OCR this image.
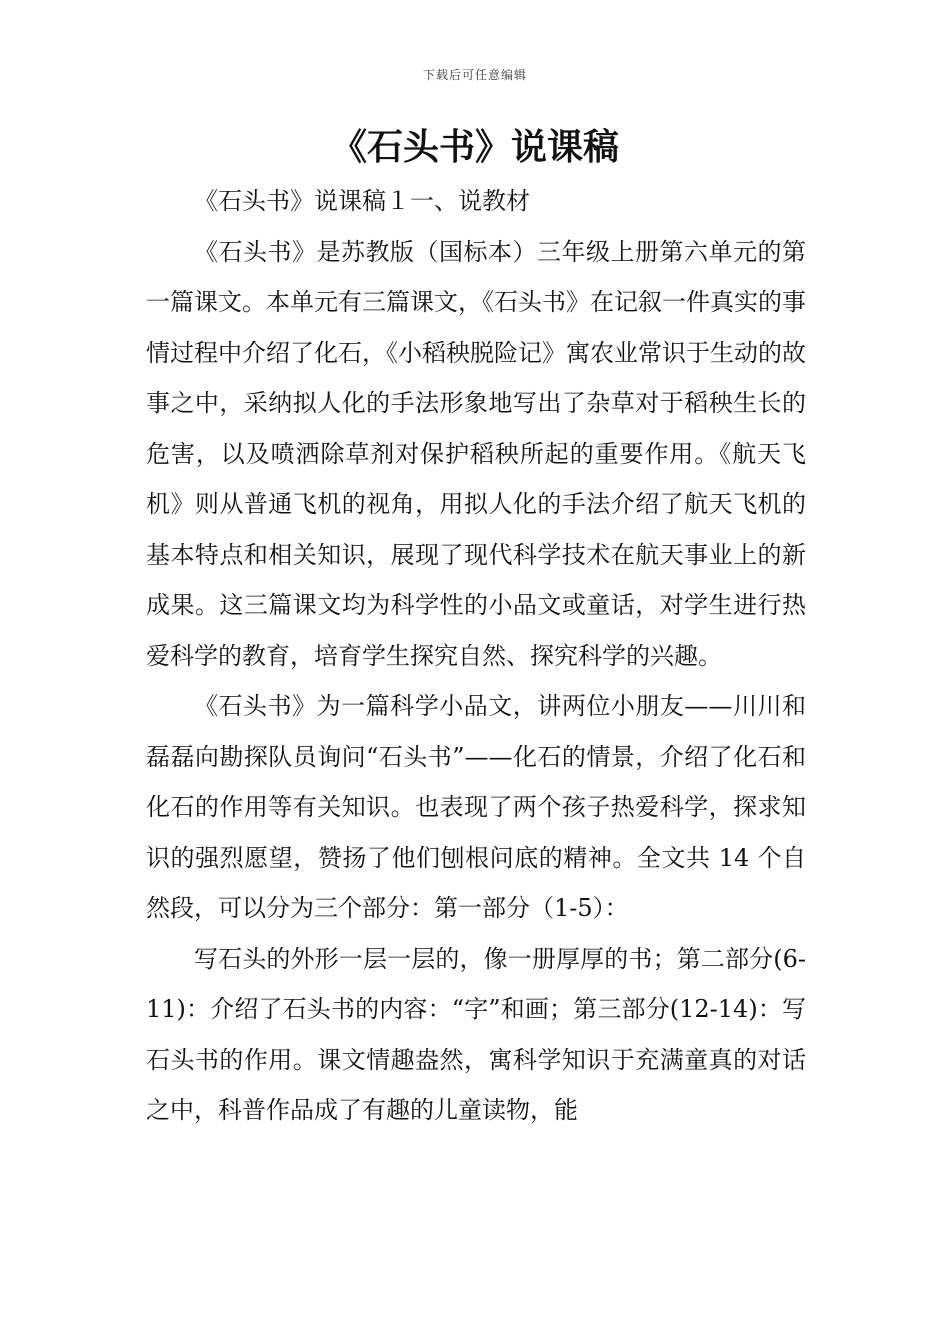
下载后可任意编辑
《石头书》说课稿

《石头书》说课稿１一、说教材

《石头书》是苏教版（国标本）三年级上册第六单元的第一篇课文。本单元有三篇课文，《石头书》在记叙一件真实的事情过程中介绍了化石，《小稻秧脱险记》寓农业常识于生动的故事之中，采纳拟人化的手法形象地写出了杂草对于稻秧生长的危害，以及喷洒除草剂对保护稻秧所起的重要作用。《航天飞机》则从普通飞机的视角，用拟人化的手法介绍了航天飞机的基本特点和相关知识，展现了现代科学技术在航天事业上的新成果。这三篇课文均为科学性的小品文或童话，对学生进行热爱科学的教育，培育学生探究自然、探究科学的兴趣。

《石头书》为一篇科学小品文，讲两位小朋友——川川和磊磊向勘探队员询问“石头书”——化石的情景，介绍了化石和化石的作用等有关知识。也表现了两个孩子热爱科学，探求知识的强烈愿望，赞扬了他们刨根问底的精神。全文共 14 个自然段，可以分为三个部分：第一部分（1-5）：

写石头的外形一层一层的，像一册厚厚的书；第二部分(6-11)：介绍了石头书的内容：“字”和画；第三部分(12-14)：写石头书的作用。课文情趣盎然，寓科学知识于充满童真的对话之中，科普作品成了有趣的儿童读物，能
